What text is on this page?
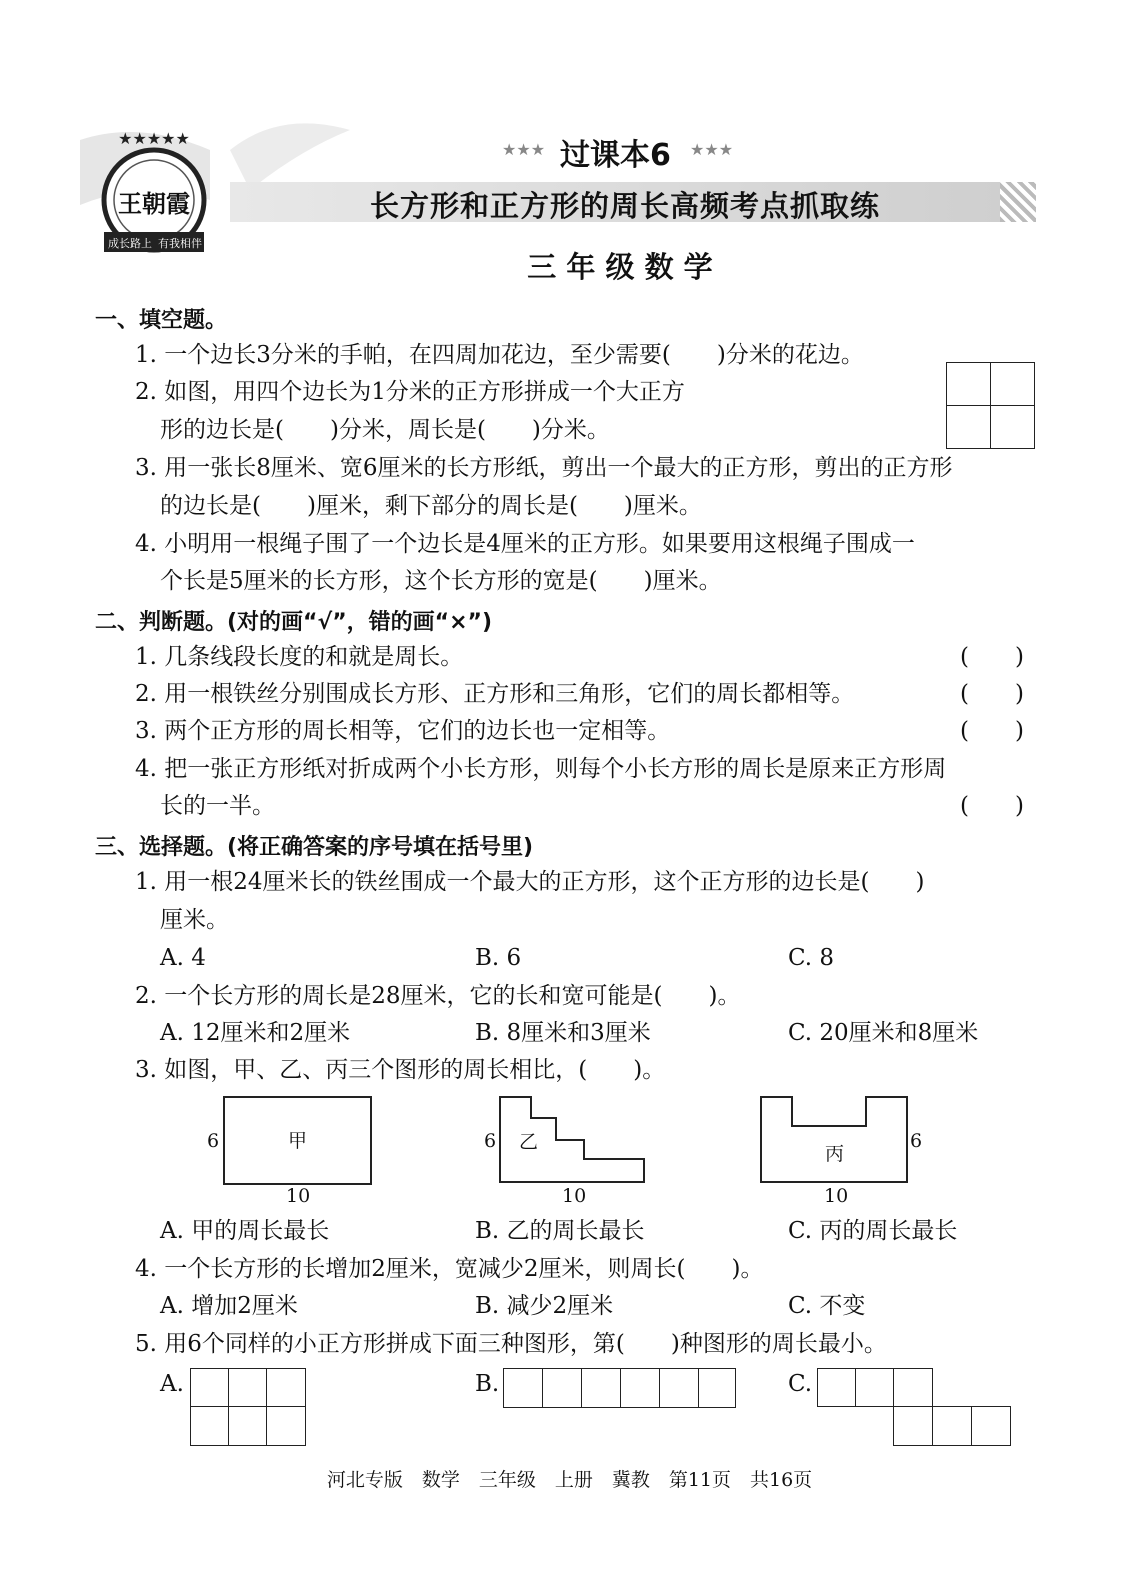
★★★★★
王朝霞
成长路上 有我相伴
★★★ 过课本6 ★★★
长方形和正方形的周长高频考点抓取练
三 年 级 数 学
一、填空题。
1. 一个边长3分米的手帕，在四周加花边，至少需要(　　)分米的花边。
2. 如图，用四个边长为1分米的正方形拼成一个大正方
形的边长是(　　)分米，周长是(　　)分米。
3. 用一张长8厘米、宽6厘米的长方形纸，剪出一个最大的正方形，剪出的正方形
的边长是(　　)厘米，剩下部分的周长是(　　)厘米。
4. 小明用一根绳子围了一个边长是4厘米的正方形。如果要用这根绳子围成一
个长是5厘米的长方形，这个长方形的宽是(　　)厘米。
二、判断题。(对的画“√”，错的画“×”)
1. 几条线段长度的和就是周长。	(　　)
2. 用一根铁丝分别围成长方形、正方形和三角形，它们的周长都相等。	(　　)
3. 两个正方形的周长相等，它们的边长也一定相等。	(　　)
4. 把一张正方形纸对折成两个小长方形，则每个小长方形的周长是原来正方形周
长的一半。	(　　)
三、选择题。(将正确答案的序号填在括号里)
1. 用一根24厘米长的铁丝围成一个最大的正方形，这个正方形的边长是(　　)
厘米。
A. 4	B. 6	C. 8
2. 一个长方形的周长是28厘米，它的长和宽可能是(　　)。
A. 12厘米和2厘米	B. 8厘米和3厘米	C. 20厘米和8厘米
3. 如图，甲、乙、丙三个图形的周长相比，(　　)。
甲
6
10
乙
6
10
丙
6
10
A. 甲的周长最长	B. 乙的周长最长	C. 丙的周长最长
4. 一个长方形的长增加2厘米，宽减少2厘米，则周长(　　)。
A. 增加2厘米	B. 减少2厘米	C. 不变
5. 用6个同样的小正方形拼成下面三种图形，第(　　)种图形的周长最小。
A.	B.	C.
河北专版　数学　三年级　上册　冀教　第11页　共16页
